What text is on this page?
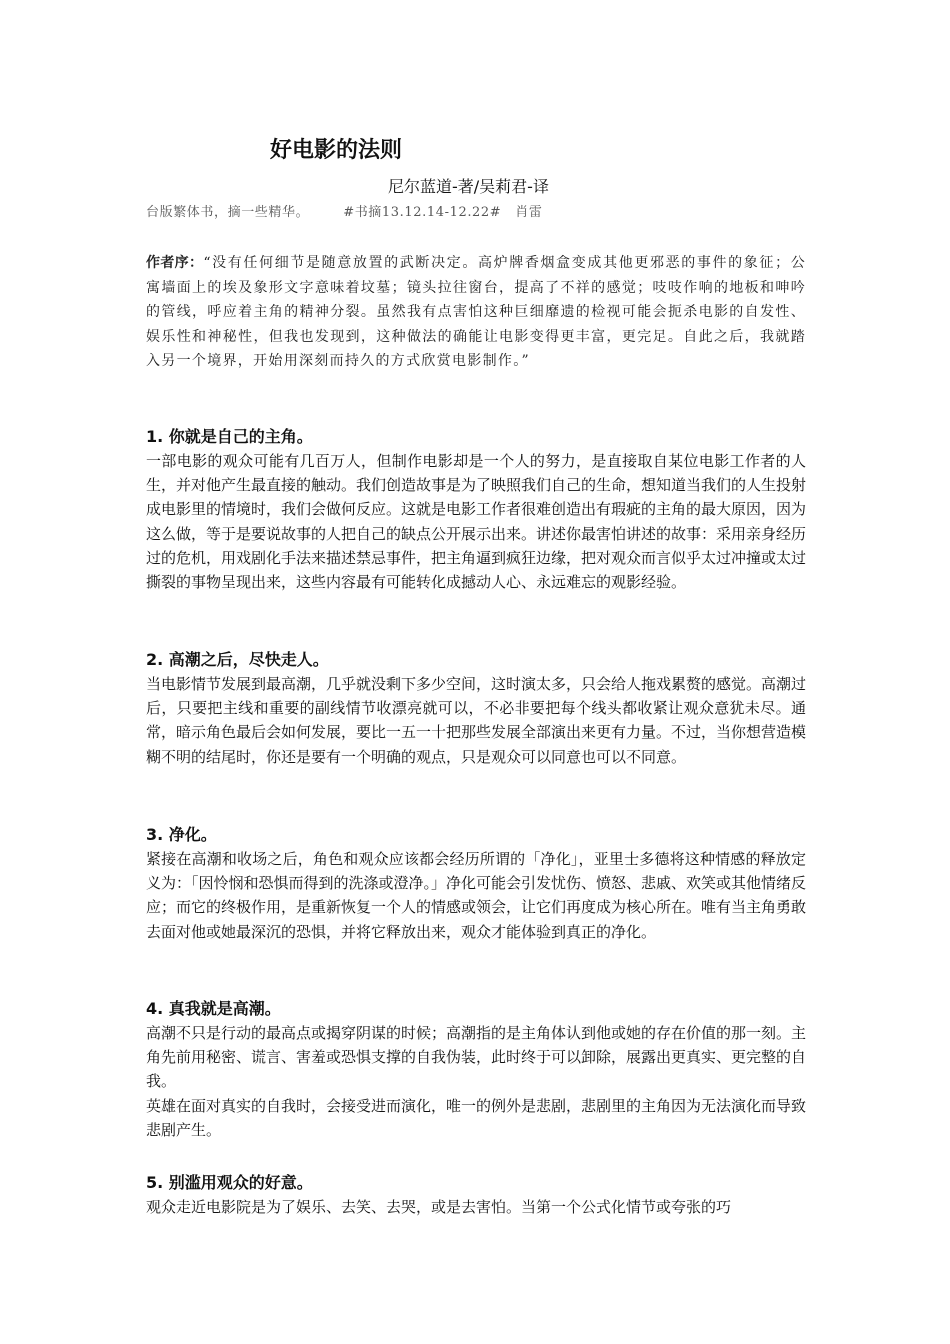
好电影的法则
尼尔蓝道-著/吴莉君-译
台版繁体书，摘一些精华。	#书摘13.12.14-12.22# 肖雷

作者序：“没有任何细节是随意放置的武断决定。高炉牌香烟盒变成其他更邪恶的事件的象征；公寓墙面上的埃及象形文字意味着坟墓；镜头拉往窗台，提高了不祥的感觉；吱吱作响的地板和呻吟的管线，呼应着主角的精神分裂。虽然我有点害怕这种巨细靡遗的检视可能会扼杀电影的自发性、娱乐性和神秘性，但我也发现到，这种做法的确能让电影变得更丰富，更完足。自此之后，我就踏入另一个境界，开始用深刻而持久的方式欣赏电影制作。”

1. 你就是自己的主角。

一部电影的观众可能有几百万人，但制作电影却是一个人的努力，是直接取自某位电影工作者的人生，并对他产生最直接的触动。我们创造故事是为了映照我们自己的生命，想知道当我们的人生投射成电影里的情境时，我们会做何反应。这就是电影工作者很难创造出有瑕疵的主角的最大原因，因为这么做，等于是要说故事的人把自己的缺点公开展示出来。讲述你最害怕讲述的故事：采用亲身经历过的危机，用戏剧化手法来描述禁忌事件，把主角逼到疯狂边缘，把对观众而言似乎太过冲撞或太过撕裂的事物呈现出来，这些内容最有可能转化成撼动人心、永远难忘的观影经验。

2. 高潮之后，尽快走人。

当电影情节发展到最高潮，几乎就没剩下多少空间，这时演太多，只会给人拖戏累赘的感觉。高潮过后，只要把主线和重要的副线情节收漂亮就可以，不必非要把每个线头都收紧让观众意犹未尽。通常，暗示角色最后会如何发展，要比一五一十把那些发展全部演出来更有力量。不过，当你想营造模糊不明的结尾时，你还是要有一个明确的观点，只是观众可以同意也可以不同意。

3. 净化。

紧接在高潮和收场之后，角色和观众应该都会经历所谓的「净化」，亚里士多德将这种情感的释放定义为：「因怜悯和恐惧而得到的洗涤或澄净。」净化可能会引发忧伤、愤怒、悲戚、欢笑或其他情绪反应；而它的终极作用，是重新恢复一个人的情感或领会，让它们再度成为核心所在。唯有当主角勇敢去面对他或她最深沉的恐惧，并将它释放出来，观众才能体验到真正的净化。

4. 真我就是高潮。

高潮不只是行动的最高点或揭穿阴谋的时候；高潮指的是主角体认到他或她的存在价值的那一刻。主角先前用秘密、谎言、害羞或恐惧支撑的自我伪装，此时终于可以卸除，展露出更真实、更完整的自我。

英雄在面对真实的自我时，会接受进而演化，唯一的例外是悲剧，悲剧里的主角因为无法演化而导致悲剧产生。

5. 别滥用观众的好意。

观众走近电影院是为了娱乐、去笑、去哭，或是去害怕。当第一个公式化情节或夸张的巧
